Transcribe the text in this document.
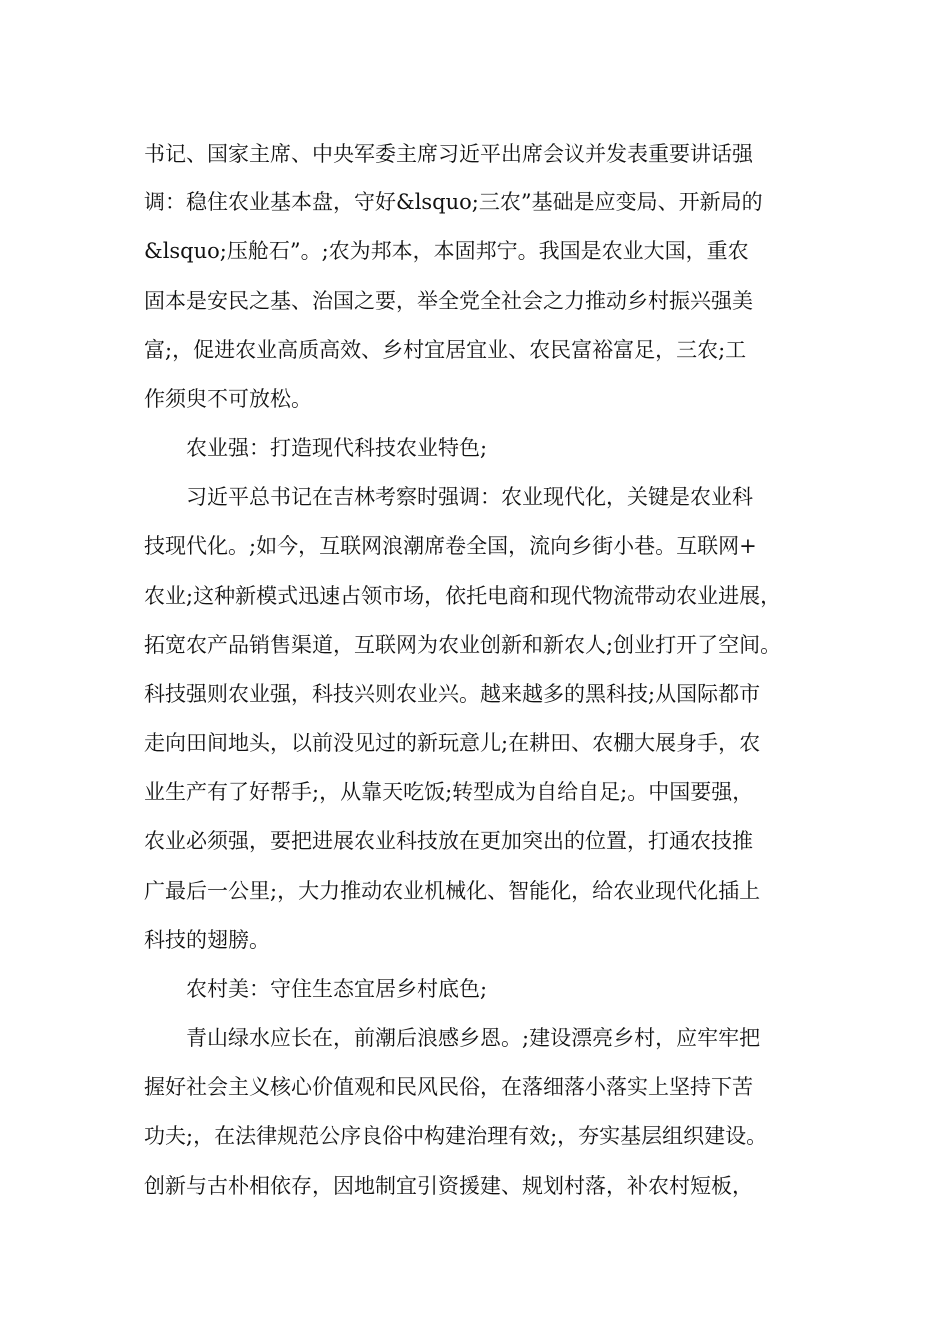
书记、国家主席、中央军委主席习近平出席会议并发表重要讲话强
调：稳住农业基本盘，守好&lsquo;三农”基础是应变局、开新局的
&lsquo;压舱石”。;农为邦本，本固邦宁。我国是农业大国，重农
固本是安民之基、治国之要，举全党全社会之力推动乡村振兴强美
富;，促进农业高质高效、乡村宜居宜业、农民富裕富足，三农;工
作须臾不可放松。
　　农业强：打造现代科技农业特色;
　　习近平总书记在吉林考察时强调：农业现代化，关键是农业科
技现代化。;如今，互联网浪潮席卷全国，流向乡街小巷。互联网+
农业;这种新模式迅速占领市场，依托电商和现代物流带动农业进展，
拓宽农产品销售渠道，互联网为农业创新和新农人;创业打开了空间。
科技强则农业强，科技兴则农业兴。越来越多的黑科技;从国际都市
走向田间地头，以前没见过的新玩意儿;在耕田、农棚大展身手，农
业生产有了好帮手;，从靠天吃饭;转型成为自给自足;。中国要强，
农业必须强，要把进展农业科技放在更加突出的位置，打通农技推
广最后一公里;，大力推动农业机械化、智能化，给农业现代化插上
科技的翅膀。
　　农村美：守住生态宜居乡村底色;
　　青山绿水应长在，前潮后浪感乡恩。;建设漂亮乡村，应牢牢把
握好社会主义核心价值观和民风民俗，在落细落小落实上坚持下苦
功夫;，在法律规范公序良俗中构建治理有效;，夯实基层组织建设。
创新与古朴相依存，因地制宜引资援建、规划村落，补农村短板，
